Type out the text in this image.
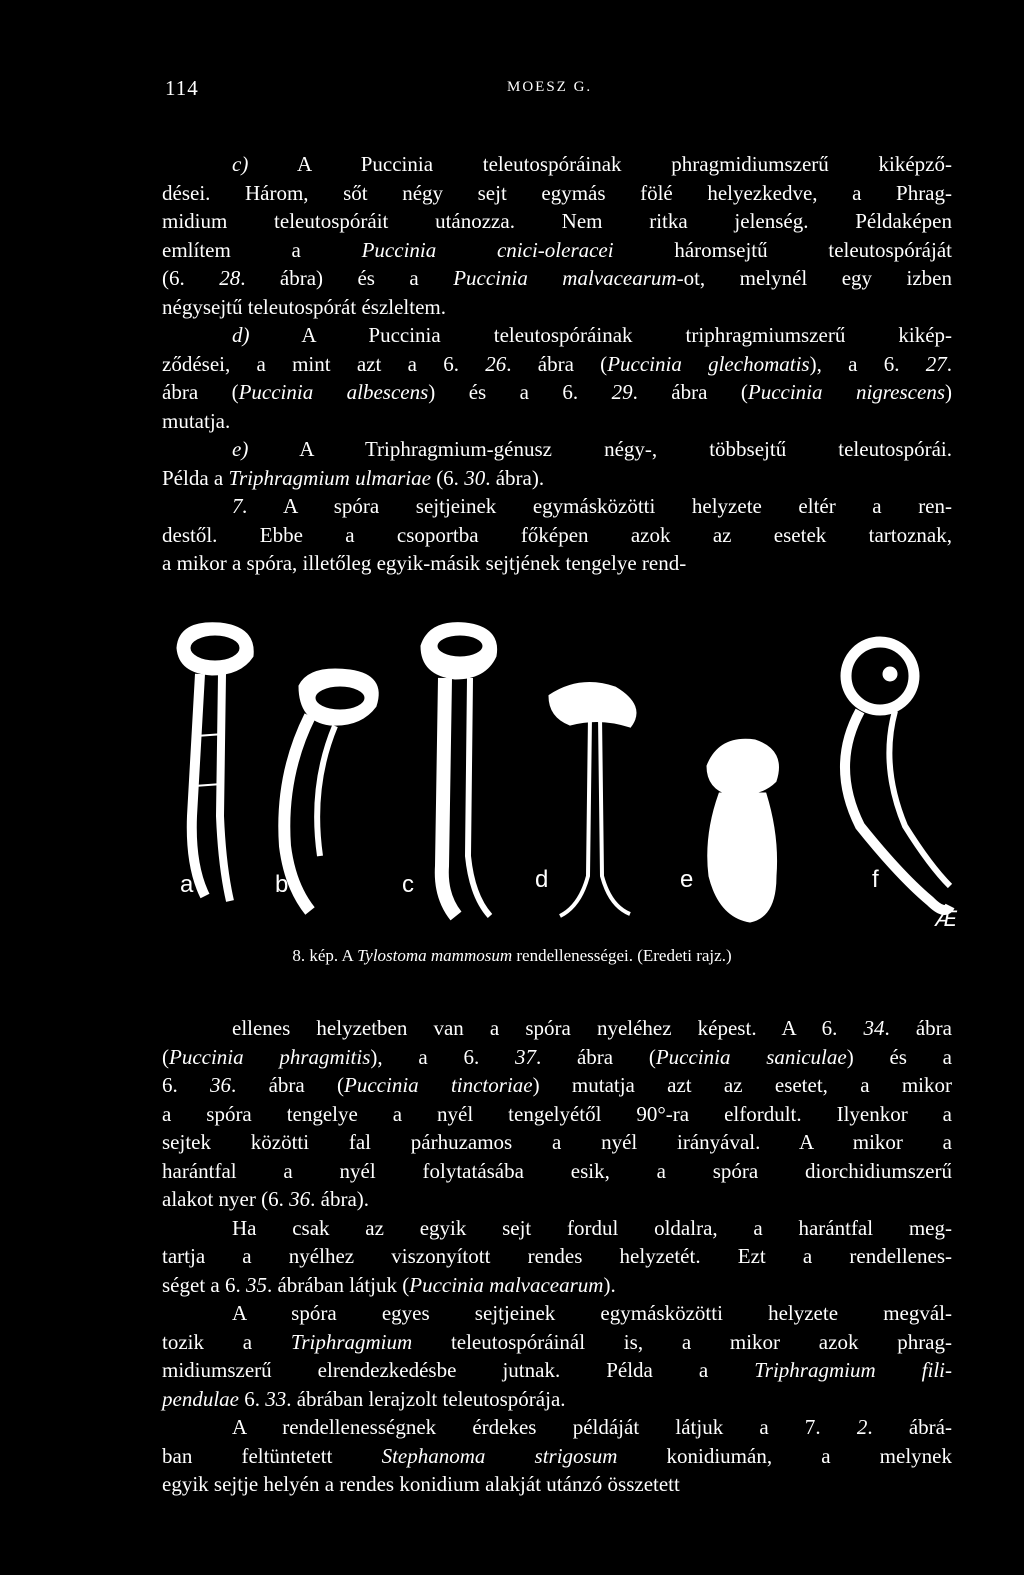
114	MOESZ G.

c) A Puccinia teleutospóráinak phragmidiumszerű kiképző-

dései. Három, sőt négy sejt egymás fölé helyezkedve, a Phrag-

midium teleutospóráit utánozza. Nem ritka jelenség. Példaképen

említem a Puccinia cnici-oleracei háromsejtű teleutospóráját

(6. 28. ábra) és a Puccinia malvacearum-ot, melynél egy izben

négysejtű teleutospórát észleltem.

d) A Puccinia teleutospóráinak triphragmiumszerű kikép-

ződései, a mint azt a 6. 26. ábra (Puccinia glechomatis), a 6. 27.

ábra (Puccinia albescens) és a 6. 29. ábra (Puccinia nigrescens)

mutatja.

e) A Triphragmium-génusz négy-, többsejtű teleutospórái.

Példa a Triphragmium ulmariae (6. 30. ábra).

7. A spóra sejtjeinek egymásközötti helyzete eltér a ren-

destől. Ebbe a csoportba főképen azok az esetek tartoznak,

a mikor a spóra, illetőleg egyik-másik sejtjének tengelye rend-

a	b	c	d	e	f
Æ
8. kép. A Tylostoma mammosum rendellenességei. (Eredeti rajz.)

ellenes helyzetben van a spóra nyeléhez képest. A 6. 34. ábra

(Puccinia phragmitis), a 6. 37. ábra (Puccinia saniculae) és a

6. 36. ábra (Puccinia tinctoriae) mutatja azt az esetet, a mikor

a spóra tengelye a nyél tengelyétől 90°-ra elfordult. Ilyenkor a

sejtek közötti fal párhuzamos a nyél irányával. A mikor a

harántfal a nyél folytatásába esik, a spóra diorchidiumszerű

alakot nyer (6. 36. ábra).

Ha csak az egyik sejt fordul oldalra, a harántfal meg-

tartja a nyélhez viszonyított rendes helyzetét. Ezt a rendellenes-

séget a 6. 35. ábrában látjuk (Puccinia malvacearum).

A spóra egyes sejtjeinek egymásközötti helyzete megvál-

tozik a Triphragmium teleutospóráinál is, a mikor azok phrag-

midiumszerű elrendezkedésbe jutnak. Példa a Triphragmium fili-

pendulae 6. 33. ábrában lerajzolt teleutospórája.

A rendellenességnek érdekes példáját látjuk a 7. 2. ábrá-

ban feltüntetett Stephanoma strigosum konidiumán, a melynek

egyik sejtje helyén a rendes konidium alakját utánzó összetett
